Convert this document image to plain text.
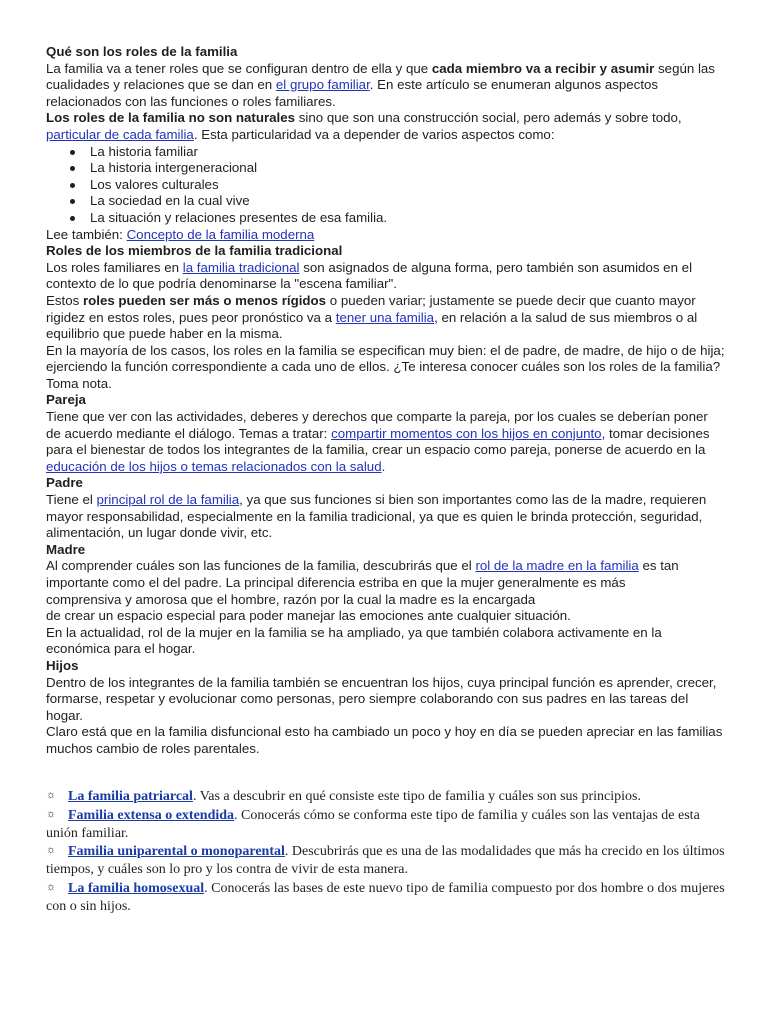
Qué son los roles de la familia

La familia va a tener roles que se configuran dentro de ella y que cada miembro va a recibir y asumir según las cualidades y relaciones que se dan en el grupo familiar. En este artículo se enumeran algunos aspectos relacionados con las funciones o roles familiares.

Los roles de la familia no son naturales sino que son una construcción social, pero además y sobre todo, particular de cada familia. Esta particularidad va a depender de varios aspectos como:

La historia familiar
La historia intergeneracional
Los valores culturales
La sociedad en la cual vive
La situación y relaciones presentes de esa familia.

Lee también: Concepto de la familia moderna

Roles de los miembros de la familia tradicional

Los roles familiares en la familia tradicional son asignados de alguna forma, pero también son asumidos en el contexto de lo que podría denominarse la "escena familiar".

Estos roles pueden ser más o menos rígidos o pueden variar; justamente se puede decir que cuanto mayor rigidez en estos roles, pues peor pronóstico va a tener una familia, en relación a la salud de sus miembros o al equilibrio que puede haber en la misma.

En la mayoría de los casos, los roles en la familia se especifican muy bien: el de padre, de madre, de hijo o de hija; ejerciendo la función correspondiente a cada uno de ellos. ¿Te interesa conocer cuáles son los roles de la familia? Toma nota.

Pareja

Tiene que ver con las actividades, deberes y derechos que comparte la pareja, por los cuales se deberían poner de acuerdo mediante el diálogo. Temas a tratar: compartir momentos con los hijos en conjunto, tomar decisiones para el bienestar de todos los integrantes de la familia, crear un espacio como pareja, ponerse de acuerdo en la educación de los hijos o temas relacionados con la salud.

Padre

Tiene el principal rol de la familia, ya que sus funciones si bien son importantes como las de la madre, requieren mayor responsabilidad, especialmente en la familia tradicional, ya que es quien le brinda protección, seguridad, alimentación, un lugar donde vivir, etc.

Madre

Al comprender cuáles son las funciones de la familia, descubrirás que el rol de la madre en la familia es tan importante como el del padre. La principal diferencia estriba en que la mujer generalmente es más

comprensiva y amorosa que el hombre, razón por la cual la madre es la encargada

de crear un espacio especial para poder manejar las emociones ante cualquier situación.

En la actualidad, rol de la mujer en la familia se ha ampliado, ya que también colabora activamente en la económica para el hogar.

Hijos

Dentro de los integrantes de la familia también se encuentran los hijos, cuya principal función es aprender, crecer, formarse, respetar y evolucionar como personas, pero siempre colaborando con sus padres en las tareas del hogar.

Claro está que en la familia disfuncional esto ha cambiado un poco y hoy en día se pueden apreciar en las familias muchos cambio de roles parentales.

☼ La familia patriarcal. Vas a descubrir en qué consiste este tipo de familia y cuáles son sus principios.

☼ Familia extensa o extendida. Conocerás cómo se conforma este tipo de familia y cuáles son las ventajas de esta unión familiar.

☼ Familia uniparental o monoparental. Descubrirás que es una de las modalidades que más ha crecido en los últimos tiempos, y cuáles son lo pro y los contra de vivir de esta manera.

☼ La familia homosexual. Conocerás las bases de este nuevo tipo de familia compuesto por dos hombre o dos mujeres con o sin hijos.
